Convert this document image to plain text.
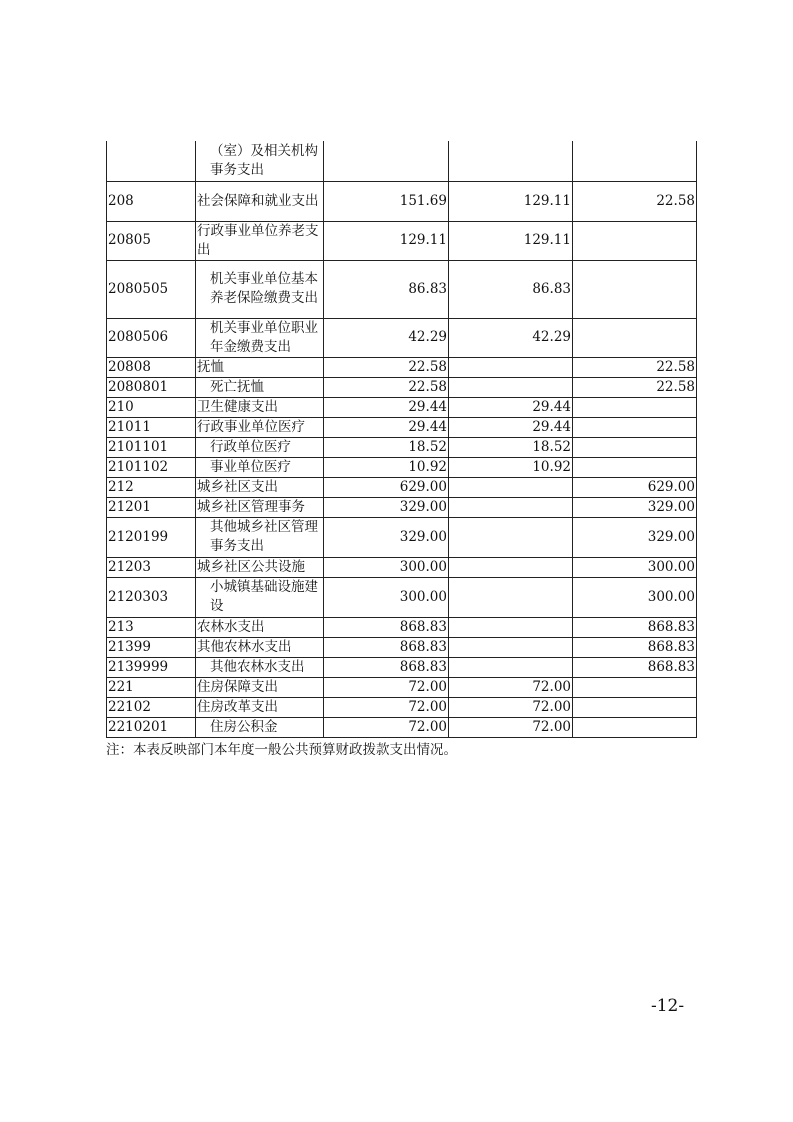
	（室）及相关机构事务支出			
208	社会保障和就业支出	151.69	129.11	22.58
20805	行政事业单位养老支出	129.11	129.11	
2080505	机关事业单位基本养老保险缴费支出	86.83	86.83	
2080506	机关事业单位职业年金缴费支出	42.29	42.29	
20808	抚恤	22.58		22.58
2080801	死亡抚恤	22.58		22.58
210	卫生健康支出	29.44	29.44	
21011	行政事业单位医疗	29.44	29.44	
2101101	行政单位医疗	18.52	18.52	
2101102	事业单位医疗	10.92	10.92	
212	城乡社区支出	629.00		629.00
21201	城乡社区管理事务	329.00		329.00
2120199	其他城乡社区管理事务支出	329.00		329.00
21203	城乡社区公共设施	300.00		300.00
2120303	小城镇基础设施建设	300.00		300.00
213	农林水支出	868.83		868.83
21399	其他农林水支出	868.83		868.83
2139999	其他农林水支出	868.83		868.83
221	住房保障支出	72.00	72.00	
22102	住房改革支出	72.00	72.00	
2210201	住房公积金	72.00	72.00	
注：本表反映部门本年度一般公共预算财政拨款支出情况。
-12-
